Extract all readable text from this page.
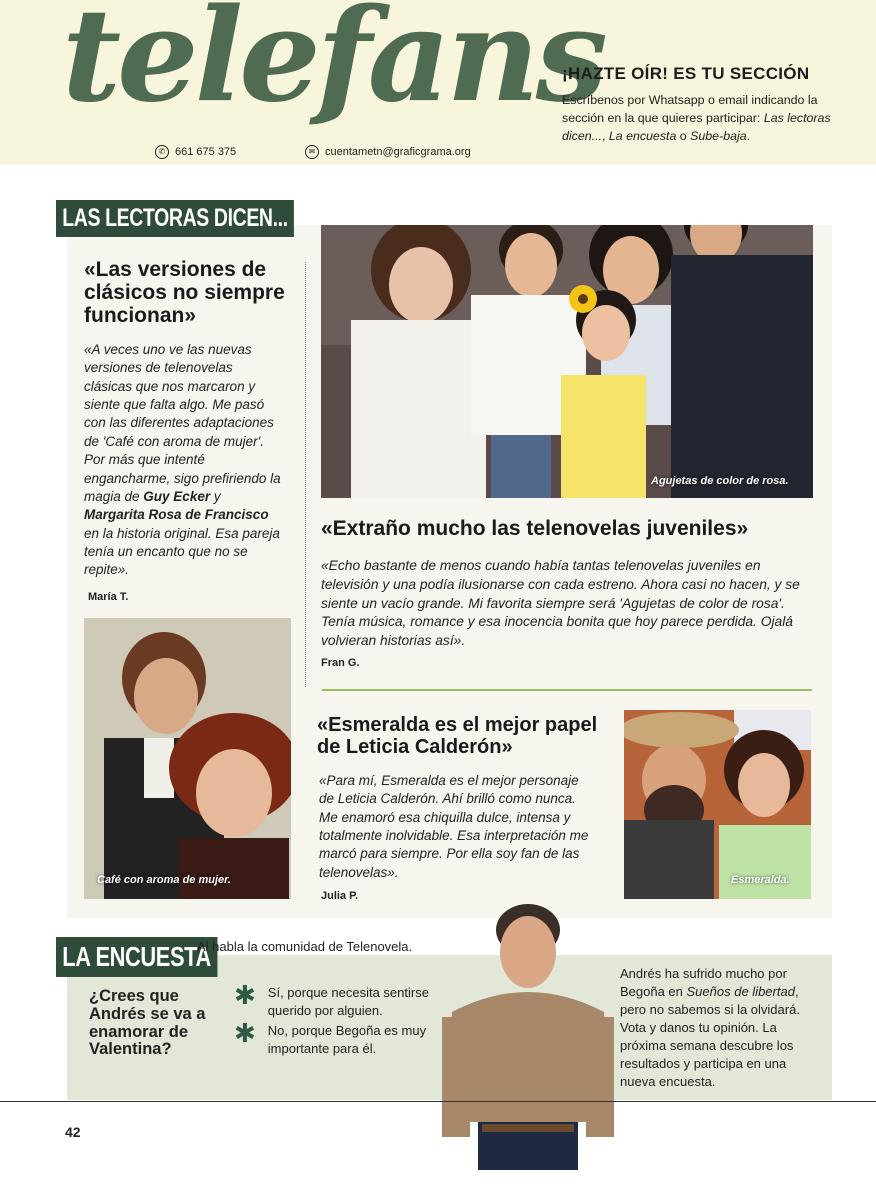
telefans
✆ 661 675 375	✉ cuentametn@graficgrama.org
¡HAZTE OÍR! ES TU SECCIÓN
Escríbenos por Whatsapp o email indicando la sección en la que quieres participar: Las lectoras dicen..., La encuesta o Sube-baja.
LAS LECTORAS DICEN...
«Las versiones de clásicos no siempre funcionan»
«A veces uno ve las nuevas versiones de telenovelas clásicas que nos marcaron y siente que falta algo. Me pasó con las diferentes adaptaciones de 'Café con aroma de mujer'. Por más que intenté engancharme, sigo prefiriendo la magia de Guy Ecker y Margarita Rosa de Francisco en la historia original. Esa pareja tenía un encanto que no se repite».
María T.
Café con aroma de mujer.
Agujetas de color de rosa.
«Extraño mucho las telenovelas juveniles»
«Echo bastante de menos cuando había tantas telenovelas juveniles en televisión y una podía ilusionarse con cada estreno. Ahora casi no hacen, y se siente un vacío grande. Mi favorita siempre será 'Agujetas de color de rosa'. Tenía música, romance y esa inocencia bonita que hoy parece perdida. Ojalá volvieran historias así».
Fran G.
«Esmeralda es el mejor papel de Leticia Calderón»
«Para mí, Esmeralda es el mejor personaje de Leticia Calderón. Ahí brilló como nunca. Me enamoró esa chiquilla dulce, intensa y totalmente inolvidable. Esa interpretación me marcó para siempre. Por ella soy fan de las telenovelas».
Julia P.
Esmeralda.
LA ENCUESTA
Al habla la comunidad de Telenovela.
¿Crees que Andrés se va a enamorar de Valentina?
✱ Sí, porque necesita sentirse querido por alguien.
✱ No, porque Begoña es muy importante para él.
Andrés ha sufrido mucho por Begoña en Sueños de libertad, pero no sabemos si la olvidará. Vota y danos tu opinión. La próxima semana descubre los resultados y participa en una nueva encuesta.
42
